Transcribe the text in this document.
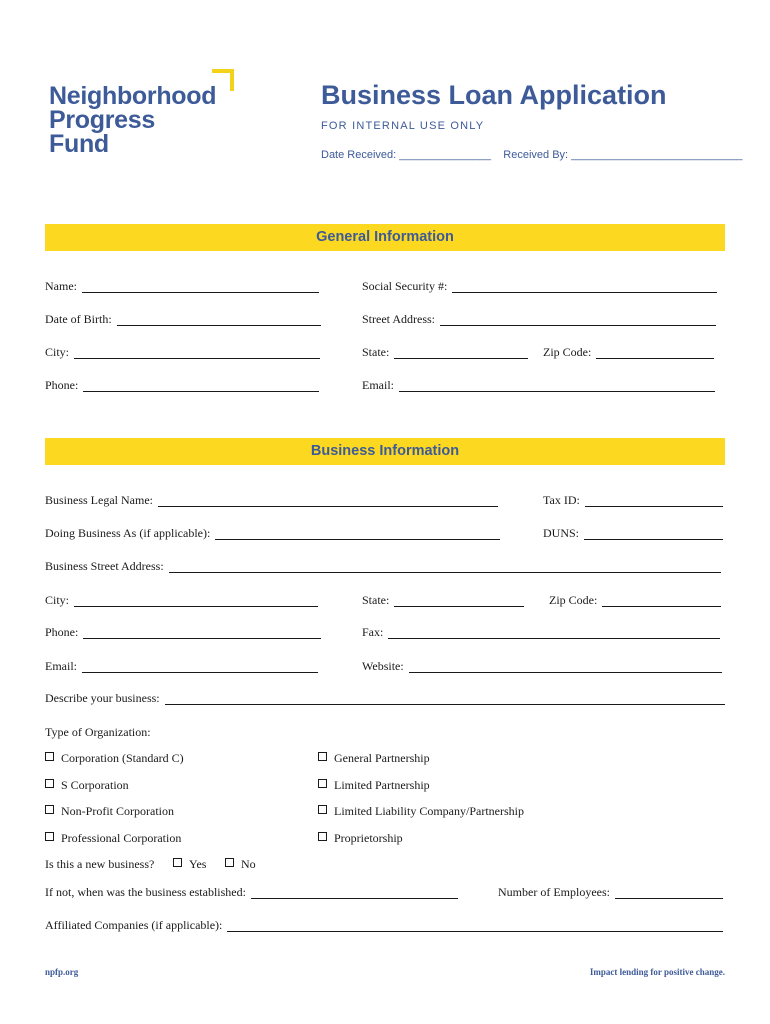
Neighborhood
Progress
Fund
Business Loan Application
FOR INTERNAL USE ONLY
Date Received: _______________ Received By: ____________________________
General Information
Name:	Social Security #:
Date of Birth:	Street Address:
City:	State:	Zip Code:
Phone:	Email:
Business Information
Business Legal Name:	Tax ID:
Doing Business As (if applicable):	DUNS:
Business Street Address:
City:	State:	Zip Code:
Phone:	Fax:
Email:	Website:
Describe your business:
Type of Organization:
Corporation (Standard C)	General Partnership
S Corporation	Limited Partnership
Non-Profit Corporation	Limited Liability Company/Partnership
Professional Corporation	Proprietorship
Is this a new business?	Yes	No
If not, when was the business established:	Number of Employees:
Affiliated Companies (if applicable):
npfp.org	Impact lending for positive change.
